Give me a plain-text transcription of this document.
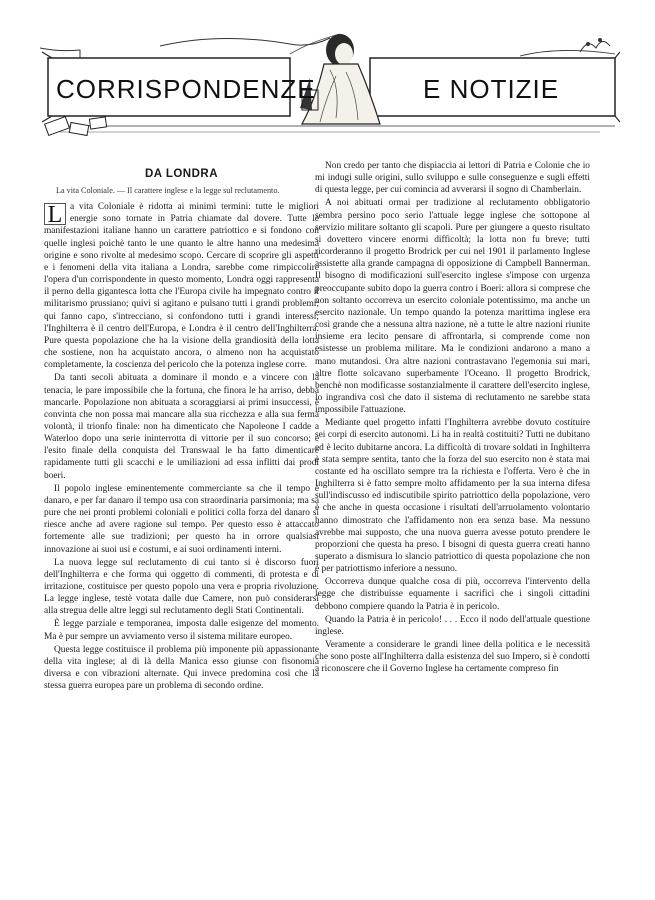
CORRISPONDENZE	E NOTIZIE
DA LONDRA

La vita Coloniale. — Il carattere inglese e la legge sul reclutamento.

L a vita Coloniale è ridotta ai minimi termini: tutte le migliori energie sono tornate in Patria chiamate dal dovere. Tutte le manifestazioni italiane hanno un carattere patriottico e si fondono con quelle inglesi poichè tanto le une quanto le altre hanno una medesima origine e sono rivolte al medesimo scopo. Cercare di scoprire gli aspetti e i fenomeni della vita italiana a Londra, sarebbe come rimpiccolire l'opera d'un corrispondente in questo momento, Londra oggi rappresenta il perno della gigantesca lotta che l'Europa civile ha impegnato contro il militarismo prussiano; quivi si agitano e pulsano tutti i grandi problemi; qui fanno capo, s'intrecciano, si confondono tutti i grandi interessi; l'Inghilterra è il centro dell'Europa, e Londra è il centro dell'Inghilterra. Pure questa popolazione che ha la visione della grandiosità della lotta che sostiene, non ha acquistato ancora, o almeno non ha acquistato completamente, la coscienza del pericolo che la potenza inglese corre.

Da tanti secoli abituata a dominare il mondo e a vincere con la tenacia, le pare impossibile che la fortuna, che finora le ha arriso, debba mancarle. Popolazione non abituata a scoraggiarsi ai primi insuccessi, è convinta che non possa mai mancare alla sua ricchezza e alla sua ferma volontà, il trionfo finale: non ha dimenticato che Napoleone I cadde a Waterloo dopo una serie ininterrotta di vittorie per il suo concorso; e l'esito finale della conquista del Transwaal le ha fatto dimenticare rapidamente tutti gli scacchi e le umiliazioni ad essa inflitti dai prodi boeri.

Il popolo inglese eminentemente commerciante sa che il tempo è danaro, e per far danaro il tempo usa con straordinaria parsimonia; ma sa pure che nei pronti problemi coloniali e politici colla forza del danaro si riesce anche ad avere ragione sul tempo. Per questo esso è attaccato fortemente alle sue tradizioni; per questo ha in orrore qualsiasi innovazione ai suoi usi e costumi, e ai suoi ordinamenti interni.

La nuova legge sul reclutamento di cui tanto si è discorso fuori dell'Inghilterra e che forma quì oggetto di commenti, di protesta e di irritazione, costituisce per questo popolo una vera e propria rivoluzione. La legge inglese, testè votata dalle due Camere, non può considerarsi alla stregua delle altre leggi sul reclutamento degli Stati Continentali.

È legge parziale e temporanea, imposta dalle esigenze del momento. Ma è pur sempre un avviamento verso il sistema militare europeo.

Questa legge costituisce il problema più imponente più appassionante della vita inglese; al di là della Manica esso giunse con fisonomia diversa e con vibrazioni alternate. Qui invece predomina così che la stessa guerra europea pare un problema di secondo ordine.

Non credo per tanto che dispiaccia ai lettori di Patria e Colonie che io mi indugi sulle origini, sullo sviluppo e sulle conseguenze e sugli effetti di questa legge, per cui comincia ad avverarsi il sogno di Chamberlain.

A noi abituati ormai per tradizione al reclutamento obbligatorio sembra persino poco serio l'attuale legge inglese che sottopone al servizio militare soltanto gli scapoli. Pure per giungere a questo risultato si dovettero vincere enormi difficoltà; la lotta non fu breve; tutti ricorderanno il progetto Brodrick per cui nel 1901 il parlamento Inglese assistette alla grande campagna di opposizione di Campbell Bannerman. Il bisogno di modificazioni sull'esercito inglese s'impose con urgenza preoccupante subito dopo la guerra contro i Boeri: allora si comprese che non soltanto occorreva un esercito coloniale potentissimo, ma anche un esercito nazionale. Un tempo quando la potenza marittima inglese era così grande che a nessuna altra nazione, nè a tutte le altre nazioni riunite insieme era lecito pensare di affrontarla, si comprende come non esistesse un problema militare. Ma le condizioni andarono a mano a mano mutandosi. Ora altre nazioni contrastavano l'egemonia sui mari, altre flotte solcavano superbamente l'Oceano. Il progetto Brodrick, benchè non modificasse sostanzialmente il carattere dell'esercito inglese, lo ingrandiva così che dato il sistema di reclutamento ne sarebbe stata impossibile l'attuazione.

Mediante quel progetto infatti l'Inghilterra avrebbe dovuto costituire sei corpi di esercito autonomi. Li ha in realtà costituiti? Tutti ne dubitano ed è lecito dubitarne ancora. La difficoltà di trovare soldati in Inghilterra è stata sempre sentita, tanto che la forza del suo esercito non è stata mai costante ed ha oscillato sempre tra la richiesta e l'offerta. Vero è che in Inghilterra si è fatto sempre molto affidamento per la sua interna difesa sull'indiscusso ed indiscutibile spirito patriottico della popolazione, vero è che anche in questa occasione i risultati dell'arruolamento volontario hanno dimostrato che l'affidamento non era senza base. Ma nessuno avrebbe mai supposto, che una nuova guerra avesse potuto prendere le proporzioni che questa ha preso. I bisogni di questa guerra creati hanno superato a dismisura lo slancio patriottico di questa popolazione che non è per patriottismo inferiore a nessuno.

Occorreva dunque qualche cosa di più, occorreva l'intervento della legge che distribuisse equamente i sacrifici che i singoli cittadini debbono compiere quando la Patria è in pericolo.

Quando la Patria è in pericolo! . . . Ecco il nodo dell'attuale questione inglese.

Veramente a considerare le grandi linee della politica e le necessità che sono poste all'Inghilterra dalla esistenza del suo Impero, si è condotti a riconoscere che il Governo Inglese ha certamente compreso fin
